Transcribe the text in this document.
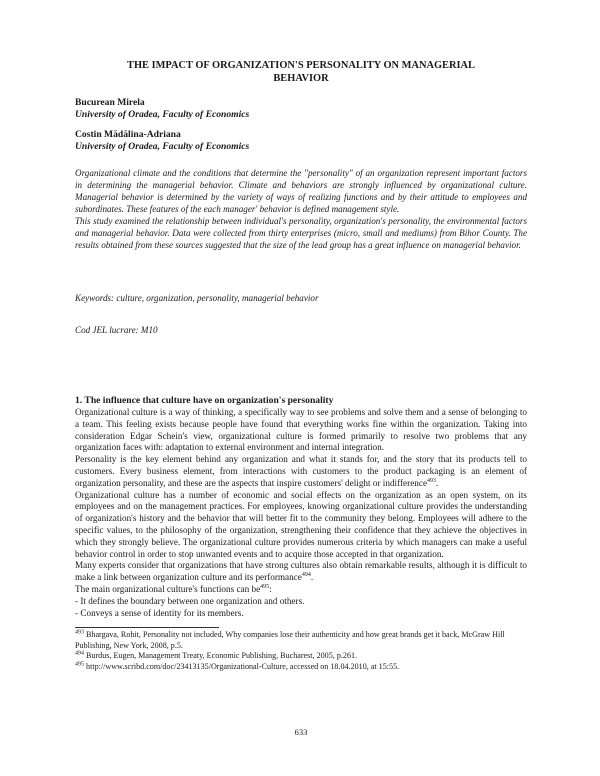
THE IMPACT OF ORGANIZATION'S PERSONALITY ON MANAGERIAL
BEHAVIOR
Bucurean Mirela
University of Oradea, Faculty of Economics
Costin Mădălina-Adriana
University of Oradea, Faculty of Economics

Organizational climate and the conditions that determine the "personality" of an organization represent important factors in determining the managerial behavior. Climate and behaviors are strongly influenced by organizational culture. Managerial behavior is determined by the variety of ways of realizing functions and by their attitude to employees and subordinates. These features of the each manager' behavior is defined management style.

This study examined the relationship between individual's personality, organization's personality, the environmental factors and managerial behavior. Data were collected from thirty enterprises (micro, small and mediums) from Bihor County. The results obtained from these sources suggested that the size of the lead group has a great influence on managerial behavior.

Keywords: culture, organization, personality, managerial behavior
Cod JEL lucrare: M10
1. The influence that culture have on organization's personality

Organizational culture is a way of thinking, a specifically way to see problems and solve them and a sense of belonging to a team. This feeling exists because people have found that everything works fine within the organization. Taking into consideration Edgar Schein's view, organizational culture is formed primarily to resolve two problems that any organization faces with: adaptation to external environment and internal integration.

Personality is the key element behind any organization and what it stands for, and the story that its products tell to customers. Every business element, from interactions with customers to the product packaging is an element of organization personality, and these are the aspects that inspire customers' delight or indifference$^{493}$.

Organizational culture has a number of economic and social effects on the organization as an open system, on its employees and on the management practices. For employees, knowing organizational culture provides the understanding of organization's history and the behavior that will better fit to the community they belong. Employees will adhere to the specific values, to the philosophy of the organization, strengthening their confidence that they achieve the objectives in which they strongly believe. The organizational culture provides numerous criteria by which managers can make a useful behavior control in order to stop unwanted events and to acquire those accepted in that organization.

Many experts consider that organizations that have strong cultures also obtain remarkable results, although it is difficult to make a link between organization culture and its performance$^{494}$.

The main organizational culture's functions can $be^{495}$:

- It defines the boundary between one organization and others.

- Conveys a sense of identity for its members.

$^{493}$ Bhargava, Rohit, Personality not included, Why companies lose their authenticity and how great brands get it back, McGraw Hill Publishing, New York, 2008, p.5.

$^{494}$ Burdus, Eugen, Management Treaty, Economic Publishing, Bucharest, 2005, p.261.

$^{495}$ http://www.scribd.com/doc/23413135/Organizational-Culture, accessed on 18.04.2010, at 15:55.

633
